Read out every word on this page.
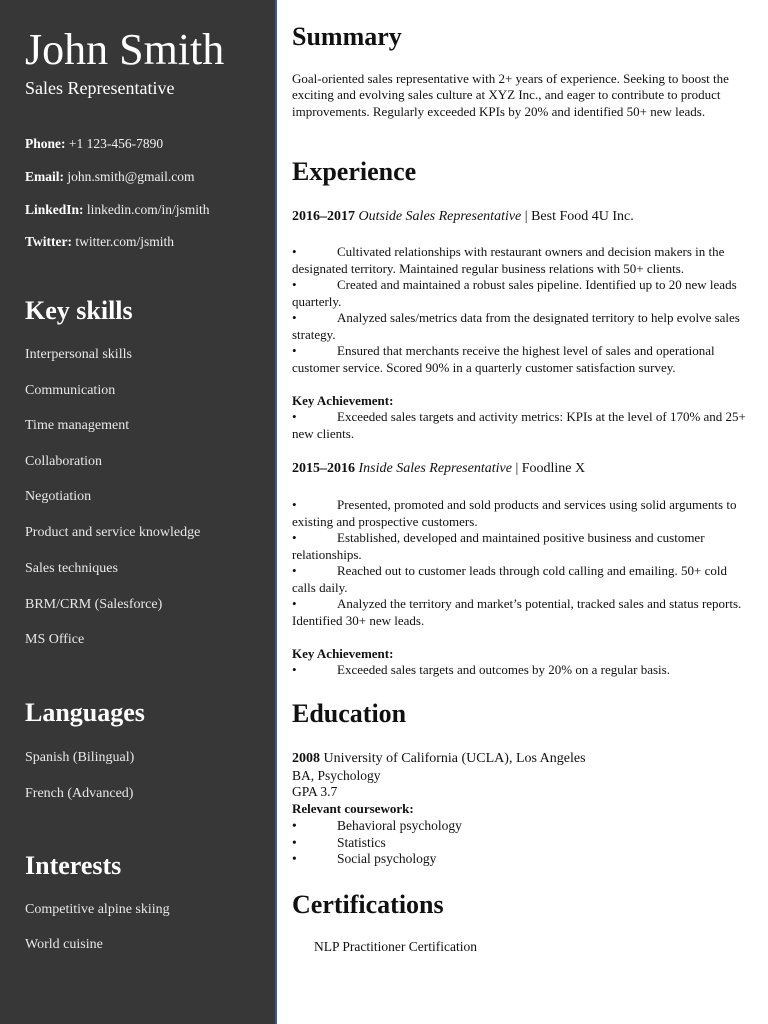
John Smith
Sales Representative
Phone: +1 123-456-7890
Email: john.smith@gmail.com
LinkedIn: linkedin.com/in/jsmith
Twitter: twitter.com/jsmith
Key skills
Interpersonal skills
Communication
Time management
Collaboration
Negotiation
Product and service knowledge
Sales techniques
BRM/CRM (Salesforce)
MS Office
Languages
Spanish (Bilingual)
French (Advanced)
Interests
Competitive alpine skiing
World cuisine
Summary

Goal-oriented sales representative with 2+ years of experience. Seeking to boost the exciting and evolving sales culture at XYZ Inc., and eager to contribute to product improvements. Regularly exceeded KPIs by 20% and identified 50+ new leads.

Experience
2016–2017 Outside Sales Representative | Best Food 4U Inc.
•	Cultivated relationships with restaurant owners and decision makers in the designated territory. Maintained regular business relations with 50+ clients.
•	Created and maintained a robust sales pipeline. Identified up to 20 new leads quarterly.
•	Analyzed sales/metrics data from the designated territory to help evolve sales strategy.
•	Ensured that merchants receive the highest level of sales and operational customer service. Scored 90% in a quarterly customer satisfaction survey.
Key Achievement:
•	Exceeded sales targets and activity metrics: KPIs at the level of 170% and 25+ new clients.
2015–2016 Inside Sales Representative | Foodline X
•	Presented, promoted and sold products and services using solid arguments to existing and prospective customers.
•	Established, developed and maintained positive business and customer relationships.
•	Reached out to customer leads through cold calling and emailing. 50+ cold calls daily.
•	Analyzed the territory and market’s potential, tracked sales and status reports. Identified 30+ new leads.
Key Achievement:
•	Exceeded sales targets and outcomes by 20% on a regular basis.
Education
2008 University of California (UCLA), Los Angeles
BA, Psychology
GPA 3.7
Relevant coursework:
•	Behavioral psychology
•	Statistics
•	Social psychology
Certifications
NLP Practitioner Certification
